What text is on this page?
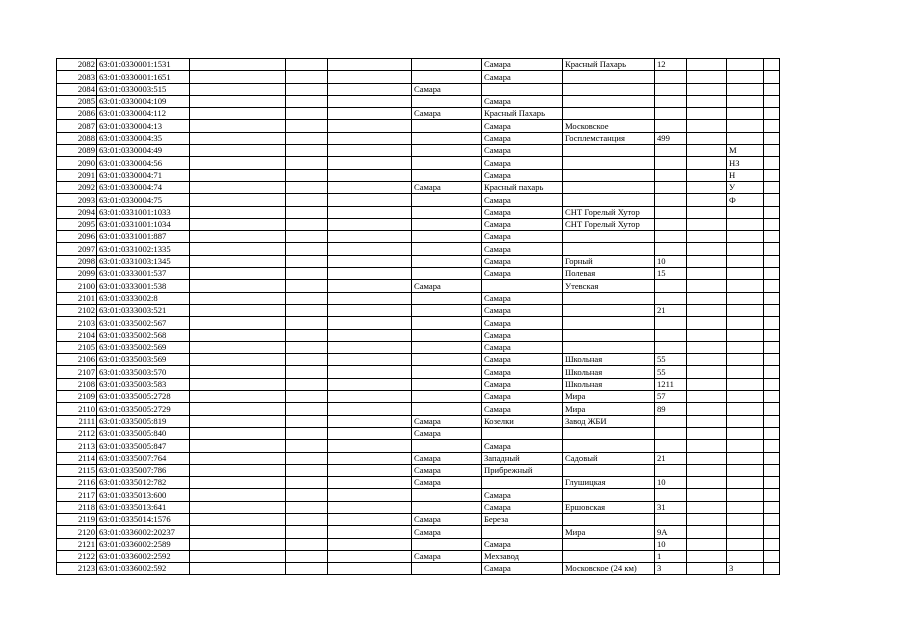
2082	63:01:0330001:1531					Самара	Красный Пахарь	12			
2083	63:01:0330001:1651					Самара					
2084	63:01:0330003:515				Самара						
2085	63:01:0330004:109					Самара					
2086	63:01:0330004:112				Самара	Красный Пахарь					
2087	63:01:0330004:13					Самара	Московское				
2088	63:01:0330004:35					Самара	Госплемстанция	499			
2089	63:01:0330004:49					Самара				М	
2090	63:01:0330004:56					Самара				НЗ	
2091	63:01:0330004:71					Самара				Н	
2092	63:01:0330004:74				Самара	Красный пахарь				У	
2093	63:01:0330004:75					Самара				Ф	
2094	63:01:0331001:1033					Самара	СНТ Горелый Хутор				
2095	63:01:0331001:1034					Самара	СНТ Горелый Хутор				
2096	63:01:0331001:887					Самара					
2097	63:01:0331002:1335					Самара					
2098	63:01:0331003:1345					Самара	Горный	10			
2099	63:01:0333001:537					Самара	Полевая	15			
2100	63:01:0333001:538				Самара		Утевская				
2101	63:01:0333002:8					Самара					
2102	63:01:0333003:521					Самара		21			
2103	63:01:0335002:567					Самара					
2104	63:01:0335002:568					Самара					
2105	63:01:0335002:569					Самара					
2106	63:01:0335003:569					Самара	Школьная	55			
2107	63:01:0335003:570					Самара	Школьная	55			
2108	63:01:0335003:583					Самара	Школьная	1211			
2109	63:01:0335005:2728					Самара	Мира	57			
2110	63:01:0335005:2729					Самара	Мира	89			
2111	63:01:0335005:819				Самара	Козелки	Завод ЖБИ				
2112	63:01:0335005:840				Самара						
2113	63:01:0335005:847					Самара					
2114	63:01:0335007:764				Самара	Западный	Садовый	21			
2115	63:01:0335007:786				Самара	Прибрежный					
2116	63:01:0335012:782				Самара		Глушицкая	10			
2117	63:01:0335013:600					Самара					
2118	63:01:0335013:641					Самара	Ершовская	31			
2119	63:01:0335014:1576				Самара	Береза					
2120	63:01:0336002:20237				Самара		Мира	9А			
2121	63:01:0336002:2589					Самара		10			
2122	63:01:0336002:2592				Самара	Мехзавод		1			
2123	63:01:0336002:592					Самара	Московское (24 км)	3		3	
